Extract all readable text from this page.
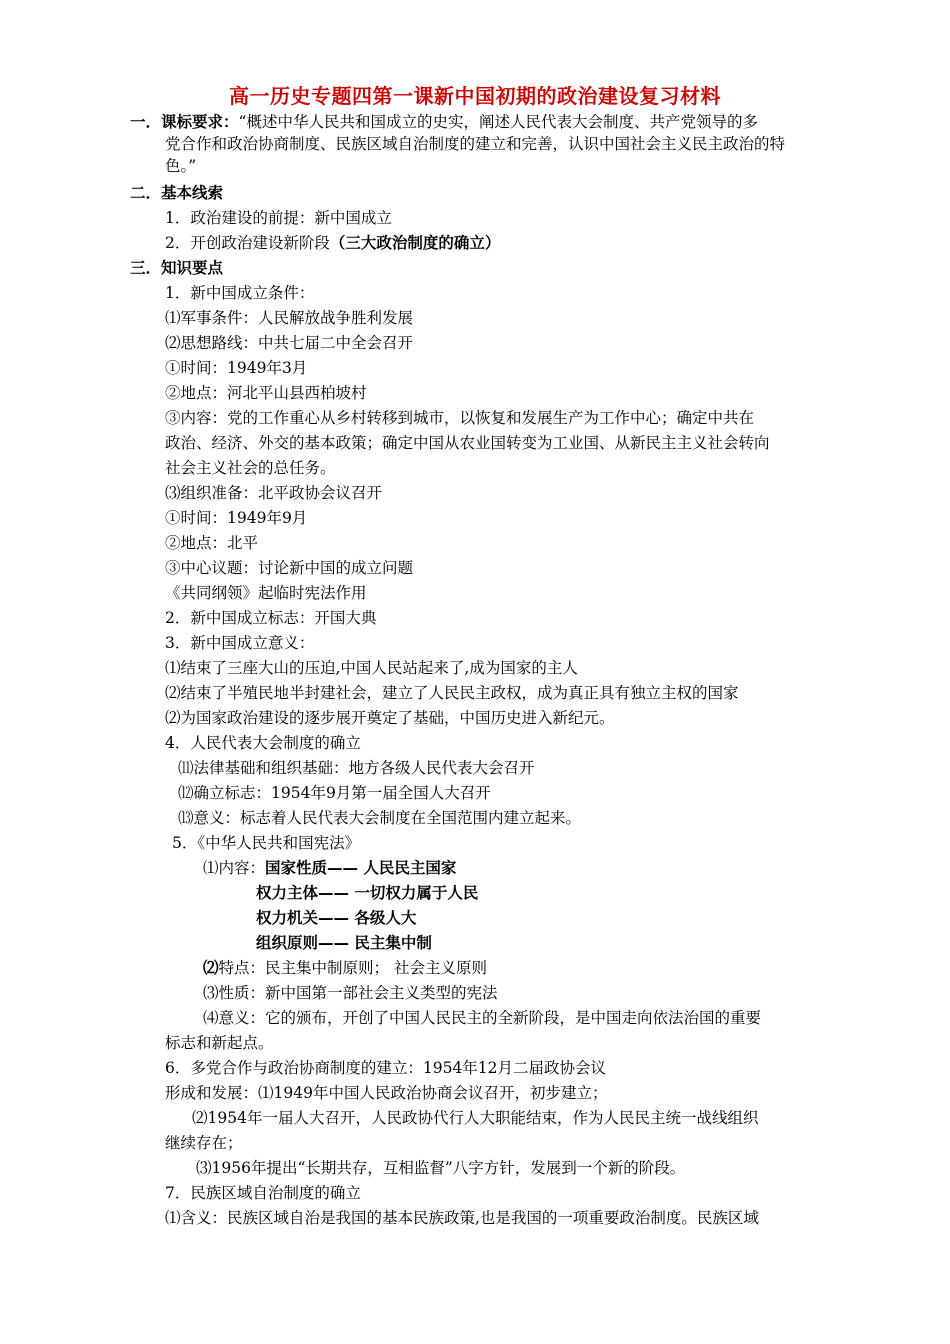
高一历史专题四第一课新中国初期的政治建设复习材料
一．课标要求：“概述中华人民共和国成立的史实，阐述人民代表大会制度、共产党领导的多
党合作和政治协商制度、民族区域自治制度的建立和完善，认识中国社会主义民主政治的特
色。”
二．基本线索
1．政治建设的前提：新中国成立
2．开创政治建设新阶段（三大政治制度的确立）
三．知识要点
1．新中国成立条件：
⑴军事条件：人民解放战争胜利发展
⑵思想路线：中共七届二中全会召开
①时间：1949年3月
②地点：河北平山县西柏坡村
③内容：党的工作重心从乡村转移到城市，以恢复和发展生产为工作中心；确定中共在
政治、经济、外交的基本政策；确定中国从农业国转变为工业国、从新民主主义社会转向
社会主义社会的总任务。
⑶组织准备：北平政协会议召开
①时间：1949年9月
②地点：北平
③中心议题：讨论新中国的成立问题
《共同纲领》起临时宪法作用
2．新中国成立标志：开国大典
3．新中国成立意义：
⑴结束了三座大山的压迫,中国人民站起来了,成为国家的主人
⑵结束了半殖民地半封建社会，建立了人民民主政权，成为真正具有独立主权的国家
⑵为国家政治建设的逐步展开奠定了基础，中国历史进入新纪元。
4．人民代表大会制度的确立
⑾法律基础和组织基础：地方各级人民代表大会召开
⑿确立标志：1954年9月第一届全国人大召开
⒀意义：标志着人民代表大会制度在全国范围内建立起来。
5．《中华人民共和国宪法》
⑴内容：国家性质—— 人民民主国家
权力主体—— 一切权力属于人民
权力机关—— 各级人大
组织原则—— 民主集中制
⑵特点：民主集中制原则； 社会主义原则
⑶性质：新中国第一部社会主义类型的宪法
⑷意义：它的颁布，开创了中国人民民主的全新阶段，是中国走向依法治国的重要
标志和新起点。
6．多党合作与政治协商制度的建立：1954年12月二届政协会议
形成和发展：⑴1949年中国人民政治协商会议召开，初步建立；
⑵1954年一届人大召开，人民政协代行人大职能结束，作为人民民主统一战线组织
继续存在；
⑶1956年提出“长期共存，互相监督”八字方针，发展到一个新的阶段。
7．民族区域自治制度的确立
⑴含义：民族区域自治是我国的基本民族政策,也是我国的一项重要政治制度。民族区域
